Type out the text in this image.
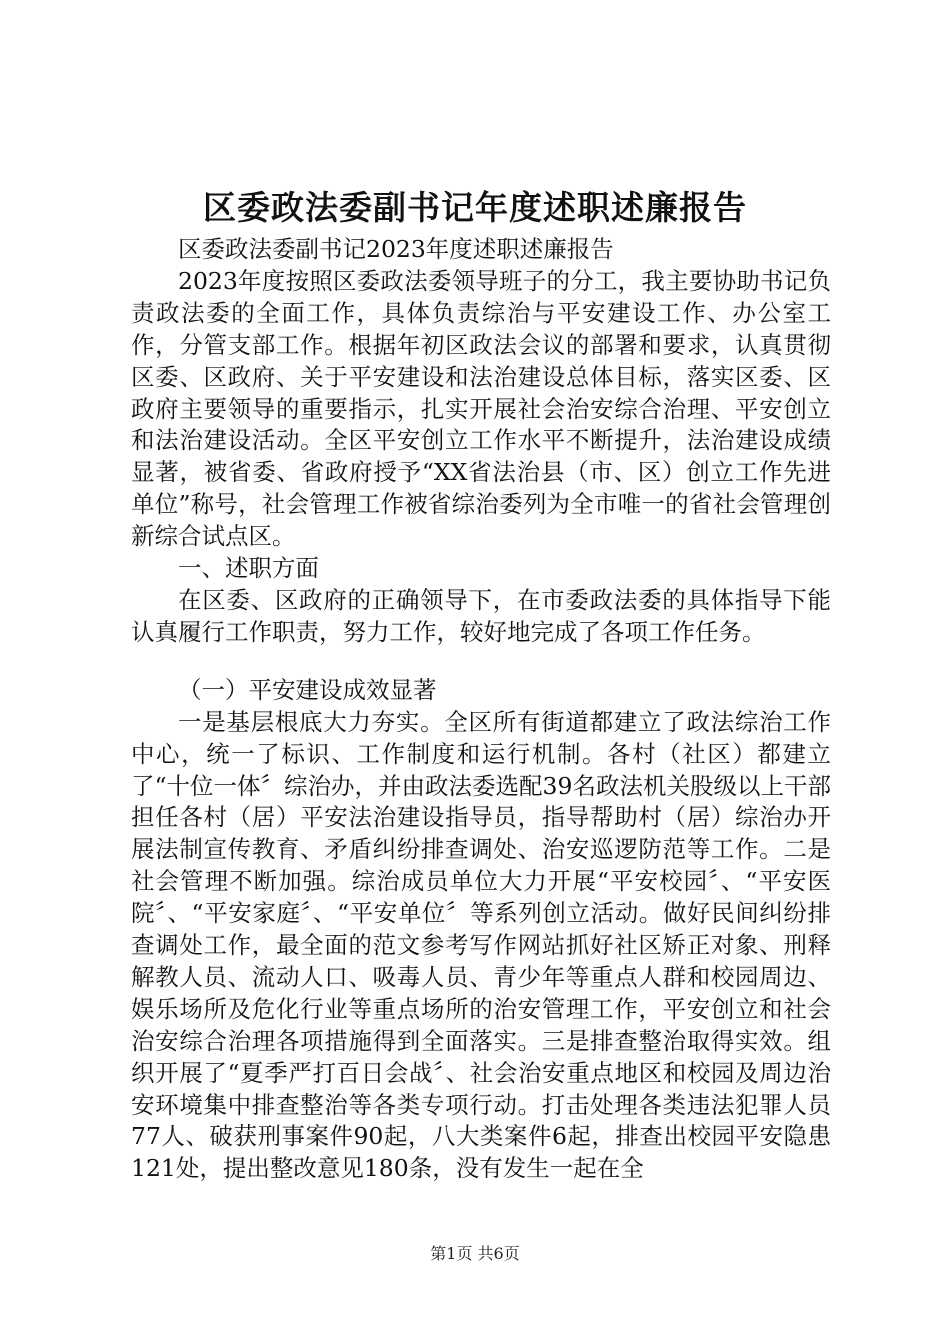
区委政法委副书记年度述职述廉报告

区委政法委副书记2023年度述职述廉报告

2023年度按照区委政法委领导班子的分工，我主要协助书记负责政法委的全面工作，具体负责综治与平安建设工作、办公室工作，分管支部工作。根据年初区政法会议的部署和要求，认真贯彻区委、区政府、关于平安建设和法治建设总体目标，落实区委、区政府主要领导的重要指示，扎实开展社会治安综合治理、平安创立和法治建设活动。全区平安创立工作水平不断提升，法治建设成绩显著，被省委、省政府授予“XX省法治县（市、区）创立工作先进单位”称号，社会管理工作被省综治委列为全市唯一的省社会管理创新综合试点区。

一、述职方面

在区委、区政府的正确领导下，在市委政法委的具体指导下能认真履行工作职责，努力工作，较好地完成了各项工作任务。

（一）平安建设成效显著

一是基层根底大力夯实。全区所有街道都建立了政法综治工作中心，统一了标识、工作制度和运行机制。各村（社区）都建立了“十位一体〞综治办，并由政法委选配39名政法机关股级以上干部担任各村（居）平安法治建设指导员，指导帮助村（居）综治办开展法制宣传教育、矛盾纠纷排查调处、治安巡逻防范等工作。二是社会管理不断加强。综治成员单位大力开展“平安校园〞、“平安医院〞、“平安家庭〞、“平安单位〞等系列创立活动。做好民间纠纷排查调处工作，最全面的范文参考写作网站抓好社区矫正对象、刑释解教人员、流动人口、吸毒人员、青少年等重点人群和校园周边、娱乐场所及危化行业等重点场所的治安管理工作，平安创立和社会治安综合治理各项措施得到全面落实。三是排查整治取得实效。组织开展了“夏季严打百日会战〞、社会治安重点地区和校园及周边治安环境集中排查整治等各类专项行动。打击处理各类违法犯罪人员77人、破获刑事案件90起，八大类案件6起，排查出校园平安隐患121处，提出整改意见180条，没有发生一起在全

第1页 共6页
